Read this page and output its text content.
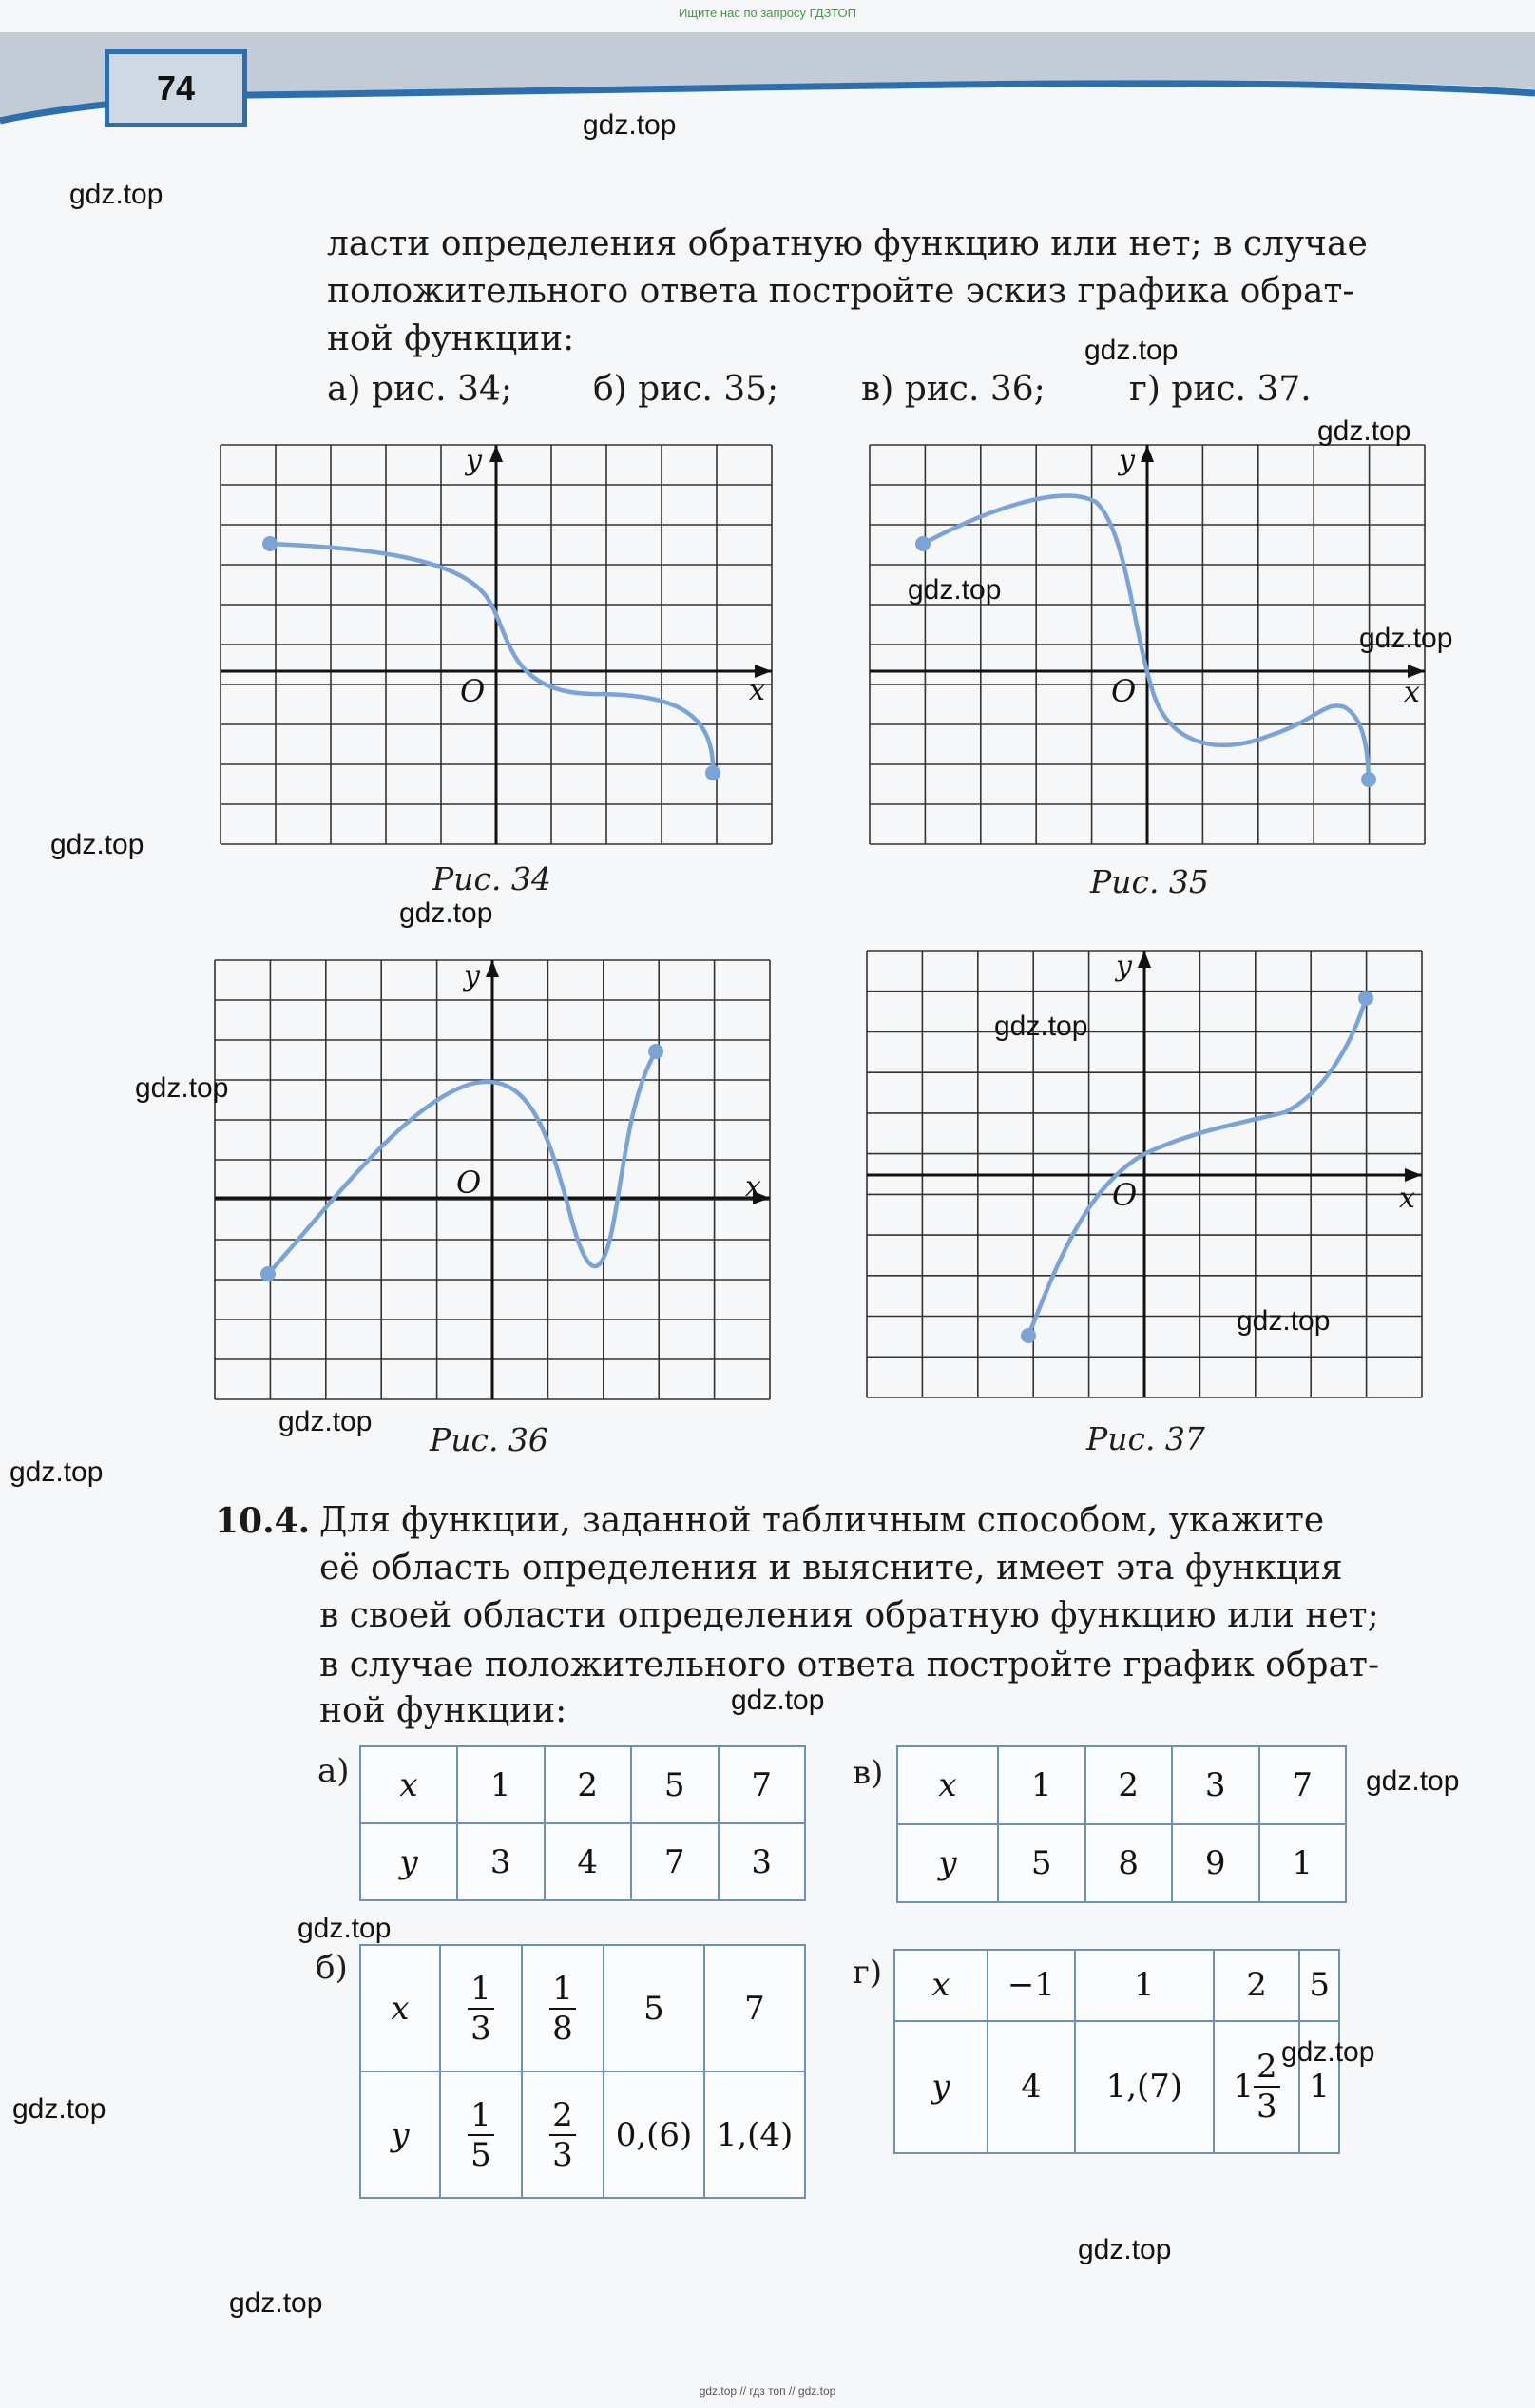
Ищите нас по запросу ГДЗТОП
74
ласти определения обратную функцию или нет; в случае
положительного ответа постройте эскиз графика обрат-
ной функции:
а) рис. 34; б) рис. 35; в) рис. 36; г) рис. 37.
x
y
O
Рис. 34
x
y
O
Рис. 35
x
y
O
Рис. 36
x
y
O
Рис. 37
10.4. Для функции, заданной табличным способом, укажите
её область определения и выясните, имеет эта функция
в своей области определения обратную функцию или нет;
в случае положительного ответа постройте график обрат-
ной функции:
а) x	1	2	5	7
y	3	4	7	3
в) x	1	2	3	7
y	5	8	9	1
б)
x	$\frac{1}{3}$	$\frac{1}{8}$	5	7
y	$\frac{1}{5}$	$\frac{2}{3}$	0,(6)	1,(4)
г) x	−1	1	2	5
y	4	1,(7)	$1 \frac{2}{3}$	1
gdz.top
gdz.top
gdz.top
gdz.top
gdz.top
gdz.top
gdz.top
gdz.top
gdz.top
gdz.top
gdz.top
gdz.top
gdz.top
gdz.top
gdz.top
gdz.top
gdz.top
gdz.top
gdz.top
gdz.top
gdz.top // гдз топ // gdz.top
